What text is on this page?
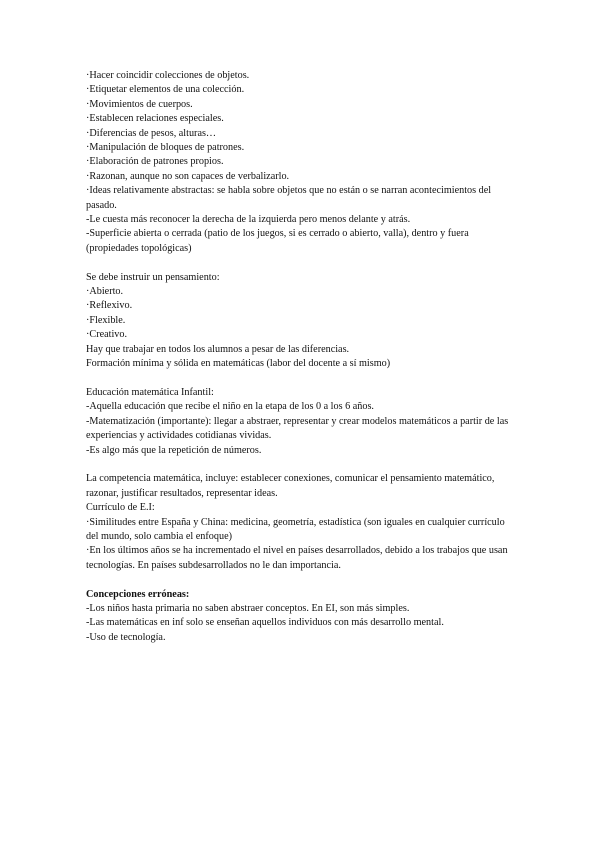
·Hacer coincidir colecciones de objetos.
·Etiquetar elementos de una colección.
·Movimientos de cuerpos.
·Establecen relaciones especiales.
·Diferencias de pesos, alturas…
·Manipulación de bloques de patrones.
·Elaboración de patrones propios.
·Razonan, aunque no son capaces de verbalizarlo.
·Ideas relativamente abstractas: se habla sobre objetos que no están o se narran acontecimientos del pasado.
-Le cuesta más reconocer la derecha de la izquierda pero menos delante y atrás.
-Superficie abierta o cerrada (patio de los juegos, si es cerrado o abierto, valla), dentro y fuera (propiedades topológicas)
Se debe instruir un pensamiento:
·Abierto.
·Reflexivo.
·Flexible.
·Creativo.
Hay que trabajar en todos los alumnos a pesar de las diferencias.
Formación mínima y sólida en matemáticas (labor del docente a sí mismo)
Educación matemática Infantil:
-Aquella educación que recibe el niño en la etapa de los 0 a los 6 años.
-Matematización (importante): llegar a abstraer, representar y crear modelos matemáticos a partir de las experiencias y actividades cotidianas vividas.
-Es algo más que la repetición de números.
La competencia matemática, incluye: establecer conexiones, comunicar el pensamiento matemático, razonar, justificar resultados, representar ideas.
Currículo de E.I:
·Similitudes entre España y China: medicina, geometría, estadística (son iguales en cualquier currículo del mundo, solo cambia el enfoque)
·En los últimos años se ha incrementado el nivel en países desarrollados, debido a los trabajos que usan tecnologías. En países subdesarrollados no le dan importancia.
Concepciones erróneas:
-Los niños hasta primaria no saben abstraer conceptos. En EI, son más simples.
-Las matemáticas en inf solo se enseñan aquellos individuos con más desarrollo mental.
-Uso de tecnología.
